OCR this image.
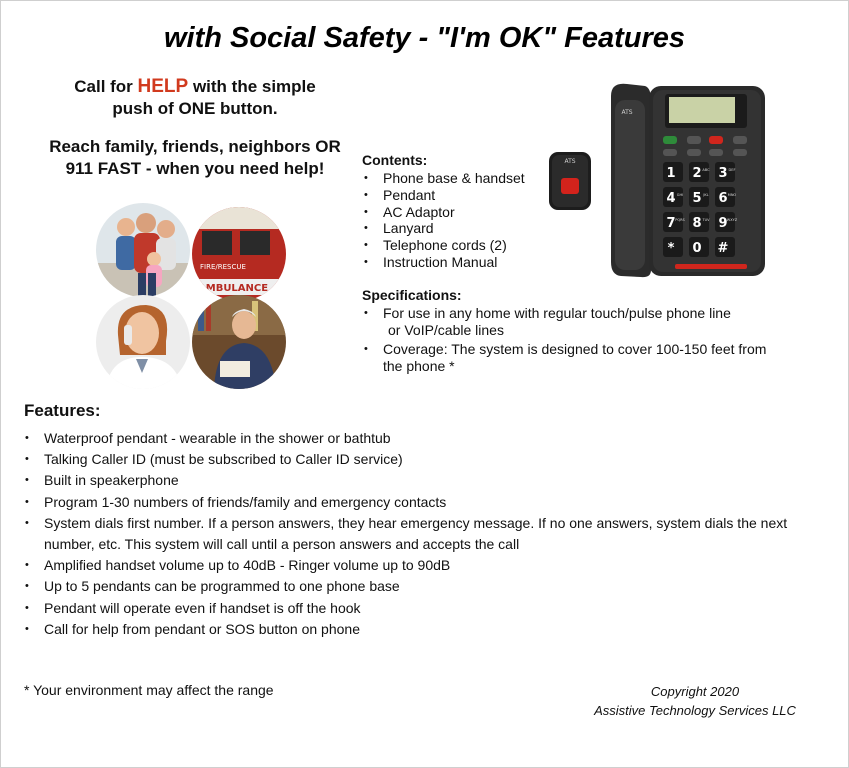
with Social Safety - "I'm OK" Features

Call for HELP with the simple

push of ONE button.

Reach family, friends, neighbors OR

911 FAST - when you need help!

FIRE/RESCUE
AMBULANCE
ATS
ATS
1 2 ABC 3 DEF
4 GHI 5 JKL 6 MNO
7 PQRS 8 TUV 9 WXYZ
* 0 #

Contents:

• Phone base & handset
• Pendant
• AC Adaptor
• Lanyard
• Telephone cords (2)
• Instruction Manual

Specifications:

• For use in any home with regular touch/pulse phone line
or VoIP/cable lines
• Coverage: The system is designed to cover 100-150 feet from
the phone *
Features:
• Waterproof pendant - wearable in the shower or bathtub
• Talking Caller ID (must be subscribed to Caller ID service)
• Built in speakerphone
• Program 1-30 numbers of friends/family and emergency contacts
• System dials first number. If a person answers, they hear emergency message. If no one answers, system dials the next number, etc. This system will call until a person answers and accepts the call
• Amplified handset volume up to 40dB - Ringer volume up to 90dB
• Up to 5 pendants can be programmed to one phone base
• Pendant will operate even if handset is off the hook
• Call for help from pendant or SOS button on phone
* Your environment may affect the range	Copyright 2020
Assistive Technology Services LLC
